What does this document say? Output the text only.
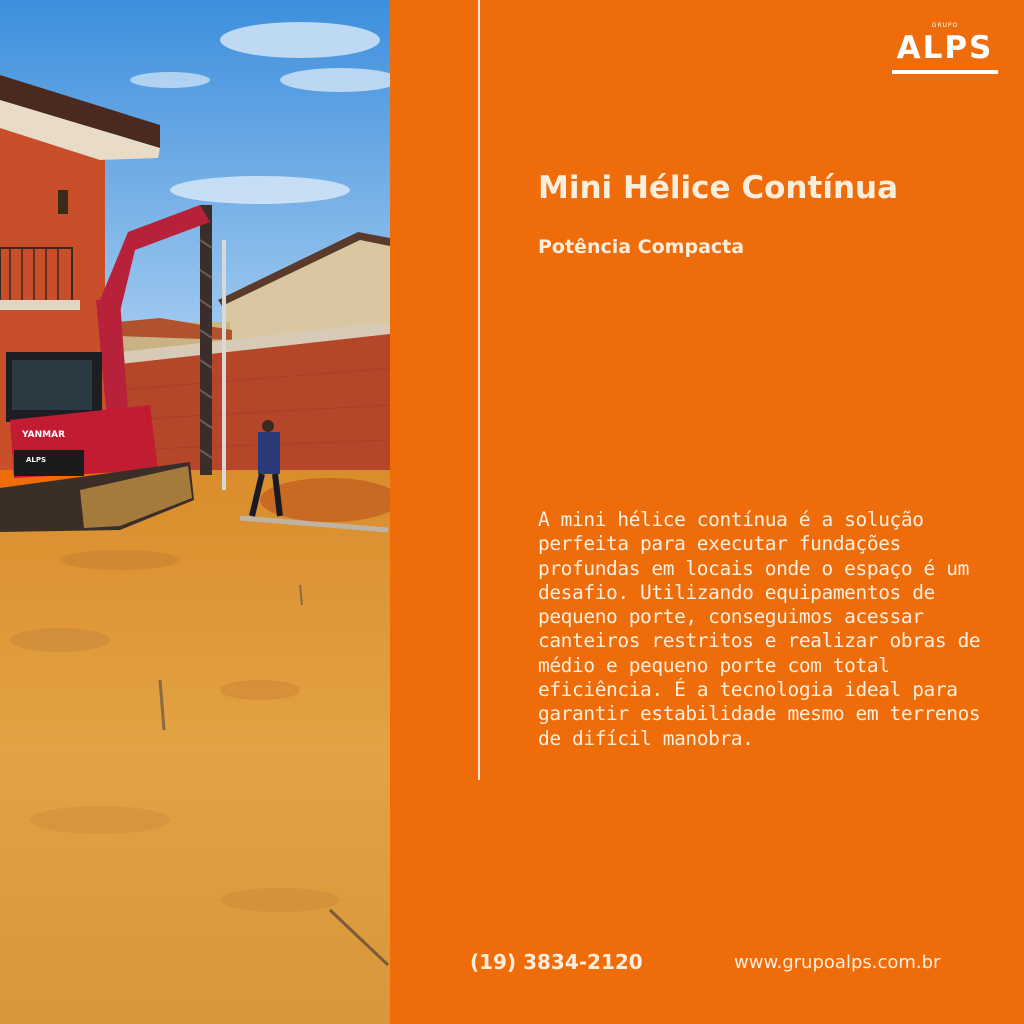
YANMAR
ALPS
GRUPO
ALPS
Mini Hélice Contínua
Potência Compacta
A mini hélice contínua é a solução perfeita para executar fundações profundas em locais onde o espaço é um desafio. Utilizando equipamentos de pequeno porte, conseguimos acessar canteiros restritos e realizar obras de médio e pequeno porte com total eficiência. É a tecnologia ideal para garantir estabilidade mesmo em terrenos de difícil manobra.
(19) 3834-2120	www.grupoalps.com.br
